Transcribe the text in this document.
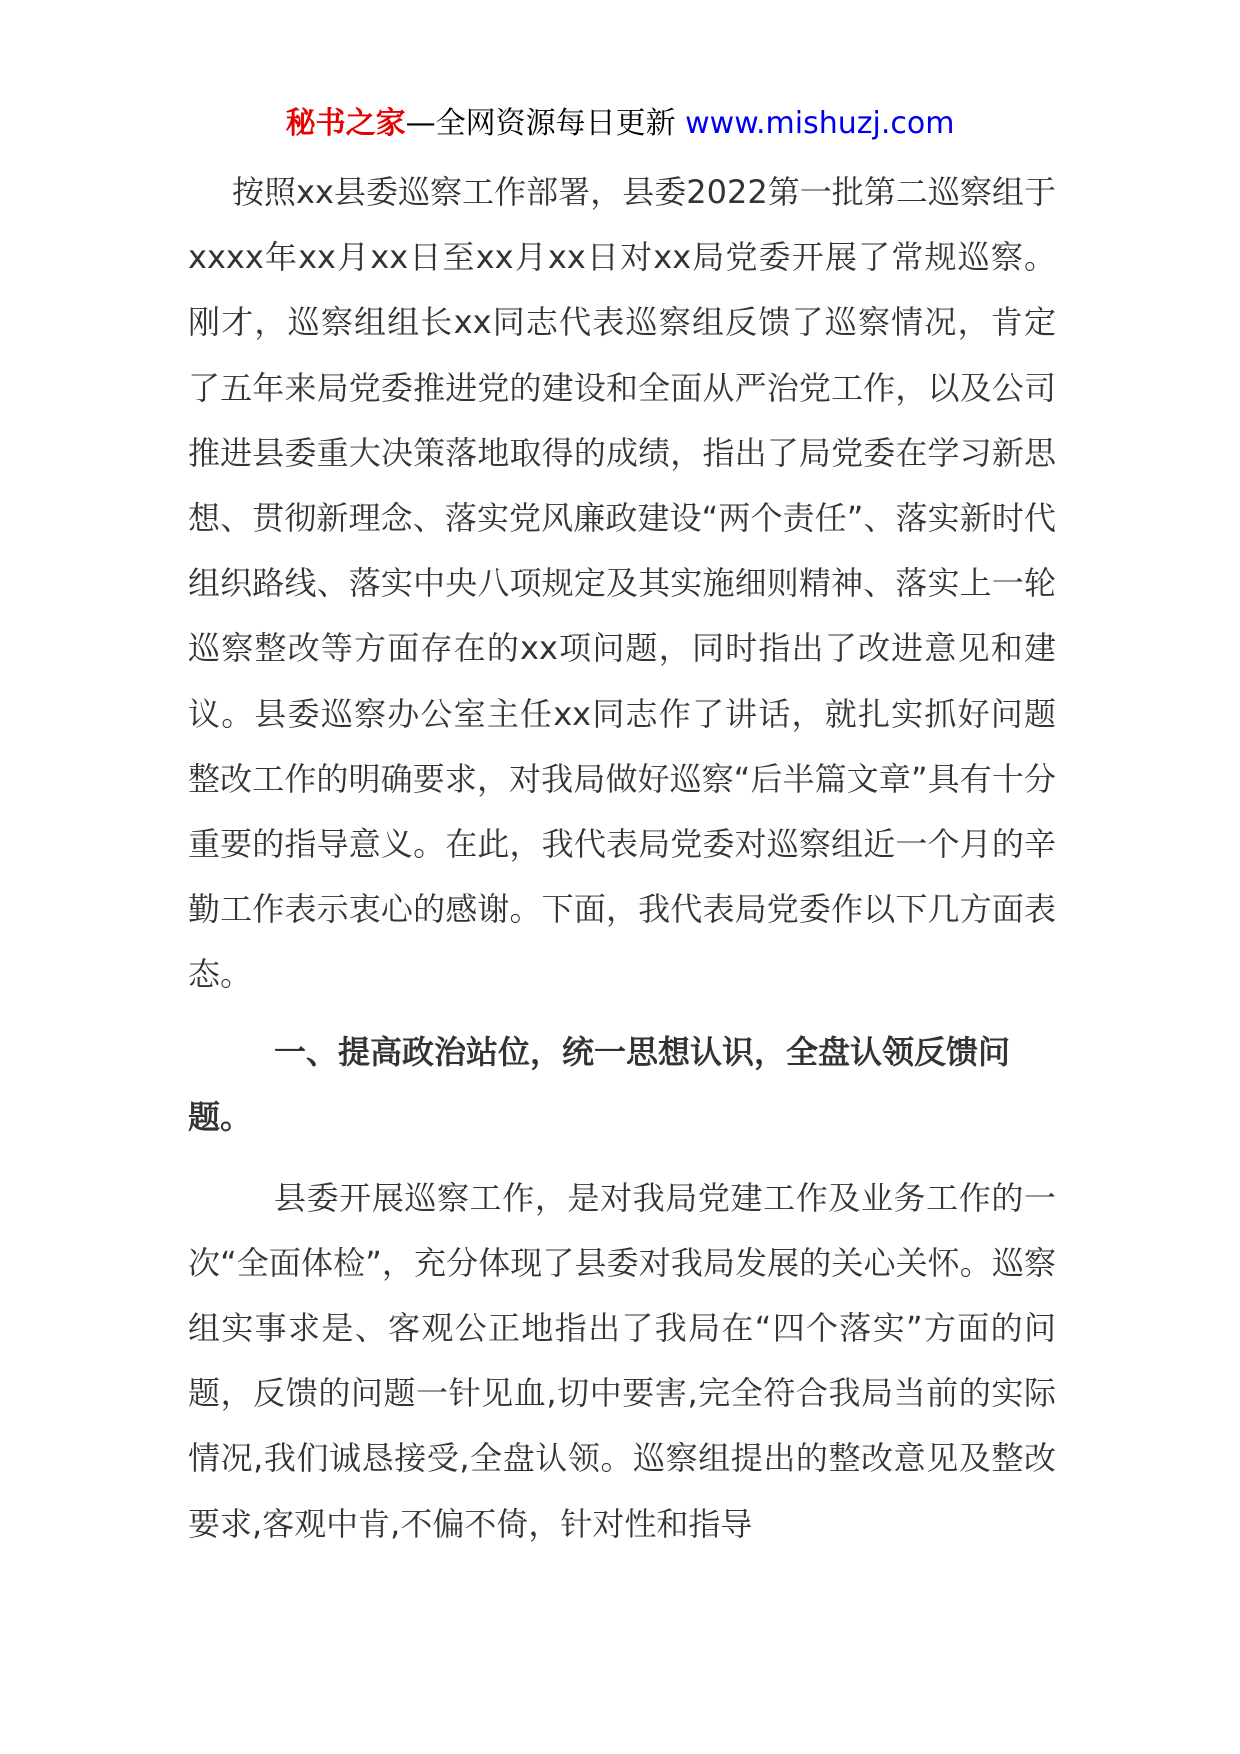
秘书之家—全网资源每日更新 www.mishuzj.com

按照xx县委巡察工作部署，县委2022第一批第二巡察组于xxxx年xx月xx日至xx月xx日对xx局党委开展了常规巡察。刚才，巡察组组长xx同志代表巡察组反馈了巡察情况，肯定了五年来局党委推进党的建设和全面从严治党工作，以及公司推进县委重大决策落地取得的成绩，指出了局党委在学习新思想、贯彻新理念、落实党风廉政建设“两个责任”、落实新时代组织路线、落实中央八项规定及其实施细则精神、落实上一轮巡察整改等方面存在的xx项问题，同时指出了改进意见和建议。县委巡察办公室主任xx同志作了讲话，就扎实抓好问题整改工作的明确要求，对我局做好巡察“后半篇文章”具有十分重要的指导意义。在此，我代表局党委对巡察组近一个月的辛勤工作表示衷心的感谢。下面，我代表局党委作以下几方面表态。

一、提高政治站位，统一思想认识，全盘认领反馈问题。

县委开展巡察工作，是对我局党建工作及业务工作的一次“全面体检”，充分体现了县委对我局发展的关心关怀。巡察组实事求是、客观公正地指出了我局在“四个落实”方面的问题，反馈的问题一针见血,切中要害,完全符合我局当前的实际情况,我们诚恳接受,全盘认领。巡察组提出的整改意见及整改要求,客观中肯,不偏不倚，针对性和指导
